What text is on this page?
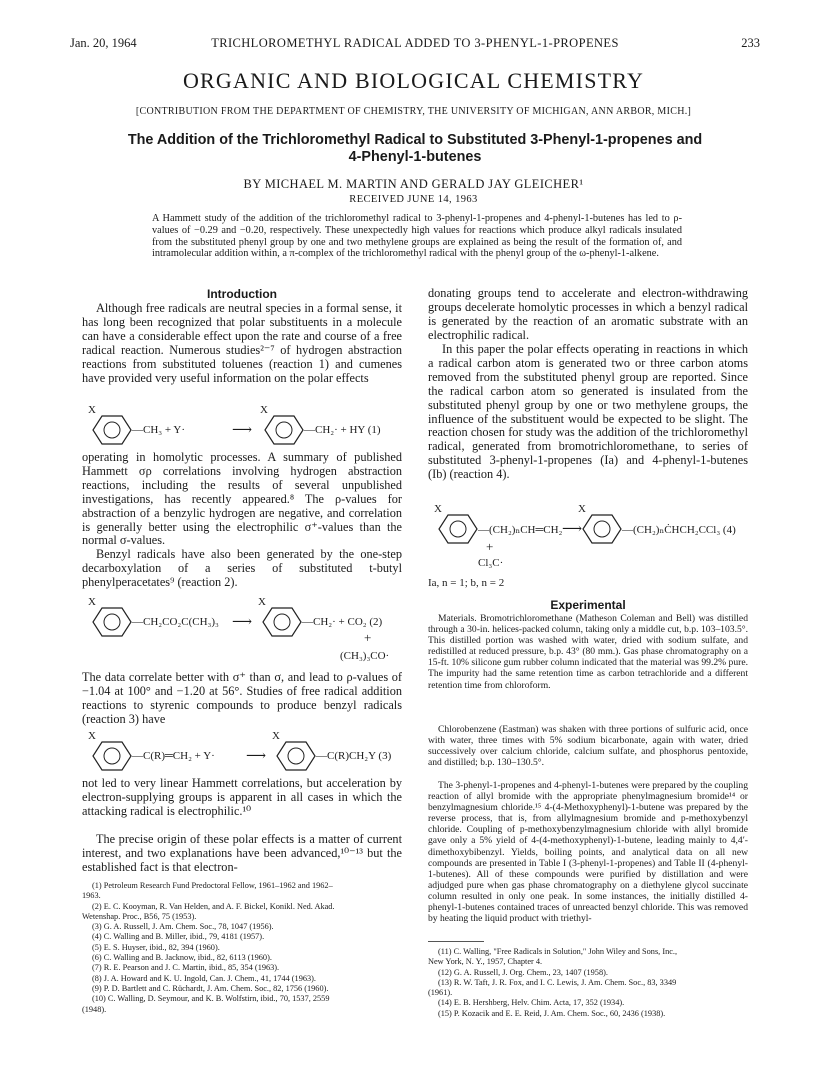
Jan. 20, 1964	TRICHLOROMETHYL RADICAL ADDED TO 3-PHENYL-1-PROPENES	233
ORGANIC AND BIOLOGICAL CHEMISTRY
[CONTRIBUTION FROM THE DEPARTMENT OF CHEMISTRY, THE UNIVERSITY OF MICHIGAN, ANN ARBOR, MICH.]
The Addition of the Trichloromethyl Radical to Substituted 3-Phenyl-1-propenes and
4-Phenyl-1-butenes
BY MICHAEL M. MARTIN AND GERALD JAY GLEICHER¹
RECEIVED JUNE 14, 1963
A Hammett study of the addition of the trichloromethyl radical to 3-phenyl-1-propenes and 4-phenyl-1-butenes has led to ρ-values of −0.29 and −0.20, respectively. These unexpectedly high values for reactions which produce alkyl radicals insulated from the substituted phenyl group by one and two methylene groups are explained as being the result of the formation of, and intramolecular addition within, a π-complex of the trichloromethyl radical with the phenyl group of the ω-phenyl-1-alkene.
Introduction

Although free radicals are neutral species in a formal sense, it has long been recognized that polar substituents in a molecule can have a considerable effect upon the rate and course of a free radical reaction. Numerous studies²⁻⁷ of hydrogen abstraction reactions from substituted toluenes (reaction 1) and cumenes have provided very useful information on the polar effects

X
—CH₃ + Y·	⟶
X
—CH₂· + HY (1)

operating in homolytic processes. A summary of published Hammett σρ correlations involving hydrogen abstraction reactions, including the results of several unpublished investigations, has recently appeared.⁸ The ρ-values for abstraction of a benzylic hydrogen are negative, and correlation is generally better using the electrophilic σ⁺-values than the normal σ-values.

Benzyl radicals have also been generated by the one-step decarboxylation of a series of substituted t-butyl phenylperacetates⁹ (reaction 2).

X
—CH₂CO₂C(CH₃)₃ ⟶
X
—CH₂· + CO₂ (2)
+
(CH₃)₃CO·

The data correlate better with σ⁺ than σ, and lead to ρ-values of −1.04 at 100° and −1.20 at 56°. Studies of free radical addition reactions to styrenic compounds to produce benzyl radicals (reaction 3) have

X
—C(R)═CH₂ + Y· ⟶
X
—C(R)CH₂Y (3)

not led to very linear Hammett correlations, but acceleration by electron-supplying groups is apparent in all cases in which the attacking radical is electrophilic.¹⁰

The precise origin of these polar effects is a matter of current interest, and two explanations have been advanced,¹⁰⁻¹³ but the established fact is that electron-

(1) Petroleum Research Fund Predoctoral Fellow, 1961–1962 and 1962–
1963.
(2) E. C. Kooyman, R. Van Helden, and A. F. Bickel, Konikl. Ned. Akad.
Wetenshap. Proc., B56, 75 (1953).
(3) G. A. Russell, J. Am. Chem. Soc., 78, 1047 (1956).
(4) C. Walling and B. Miller, ibid., 79, 4181 (1957).
(5) E. S. Huyser, ibid., 82, 394 (1960).
(6) C. Walling and B. Jacknow, ibid., 82, 6113 (1960).
(7) R. E. Pearson and J. C. Martin, ibid., 85, 354 (1963).
(8) J. A. Howard and K. U. Ingold, Can. J. Chem., 41, 1744 (1963).
(9) P. D. Bartlett and C. Rüchardt, J. Am. Chem. Soc., 82, 1756 (1960).
(10) C. Walling, D. Seymour, and K. B. Wolfstirn, ibid., 70, 1537, 2559
(1948).

donating groups tend to accelerate and electron-withdrawing groups decelerate homolytic processes in which a benzyl radical is generated by the reaction of an aromatic substrate with an electrophilic radical.

In this paper the polar effects operating in reactions in which a radical carbon atom is generated two or three carbon atoms removed from the substituted phenyl group are reported. Since the radical carbon atom so generated is insulated from the substituted phenyl group by one or two methylene groups, the influence of the substituent would be expected to be slight. The reaction chosen for study was the addition of the trichloromethyl radical, generated from bromotrichloromethane, to series of substituted 3-phenyl-1-propenes (Ia) and 4-phenyl-1-butenes (Ib) (reaction 4).

X
—(CH₂)ₙCH═CH₂ ⟶
X
—(CH₂)ₙĊHCH₂CCl₃ (4)
+
Cl₃C·
Ia, n = 1; b, n = 2
Experimental

Materials. Bromotrichloromethane (Matheson Coleman and Bell) was distilled through a 30-in. helices-packed column, taking only a middle cut, b.p. 103–103.5°. This distilled portion was washed with water, dried with sodium sulfate, and redistilled at reduced pressure, b.p. 43° (80 mm.). Gas phase chromatography on a 15-ft. 10% silicone gum rubber column indicated that the material was 99.2% pure. The impurity had the same retention time as carbon tetrachloride and a different retention time from chloroform.

Chlorobenzene (Eastman) was shaken with three portions of sulfuric acid, once with water, three times with 5% sodium bicarbonate, again with water, dried successively over calcium chloride, calcium sulfate, and phosphorus pentoxide, and distilled; b.p. 130–130.5°.

The 3-phenyl-1-propenes and 4-phenyl-1-butenes were prepared by the coupling reaction of allyl bromide with the appropriate phenylmagnesium bromide¹⁴ or benzylmagnesium chloride.¹⁵ 4-(4-Methoxyphenyl)-1-butene was prepared by the reverse process, that is, from allylmagnesium bromide and p-methoxybenzyl chloride. Coupling of p-methoxybenzylmagnesium chloride with allyl bromide gave only a 5% yield of 4-(4-methoxyphenyl)-1-butene, leading mainly to 4,4′-dimethoxybibenzyl. Yields, boiling points, and analytical data on all new compounds are presented in Table I (3-phenyl-1-propenes) and Table II (4-phenyl-1-butenes). All of these compounds were purified by distillation and were adjudged pure when gas phase chromatography on a diethylene glycol succinate column resulted in only one peak. In some instances, the initially distilled 4-phenyl-1-butenes contained traces of unreacted benzyl chloride. This was removed by heating the liquid product with triethyl-

(11) C. Walling, "Free Radicals in Solution," John Wiley and Sons, Inc.,
New York, N. Y., 1957, Chapter 4.
(12) G. A. Russell, J. Org. Chem., 23, 1407 (1958).
(13) R. W. Taft, J. R. Fox, and I. C. Lewis, J. Am. Chem. Soc., 83, 3349
(1961).
(14) E. B. Hershberg, Helv. Chim. Acta, 17, 352 (1934).
(15) P. Kozacik and E. E. Reid, J. Am. Chem. Soc., 60, 2436 (1938).
